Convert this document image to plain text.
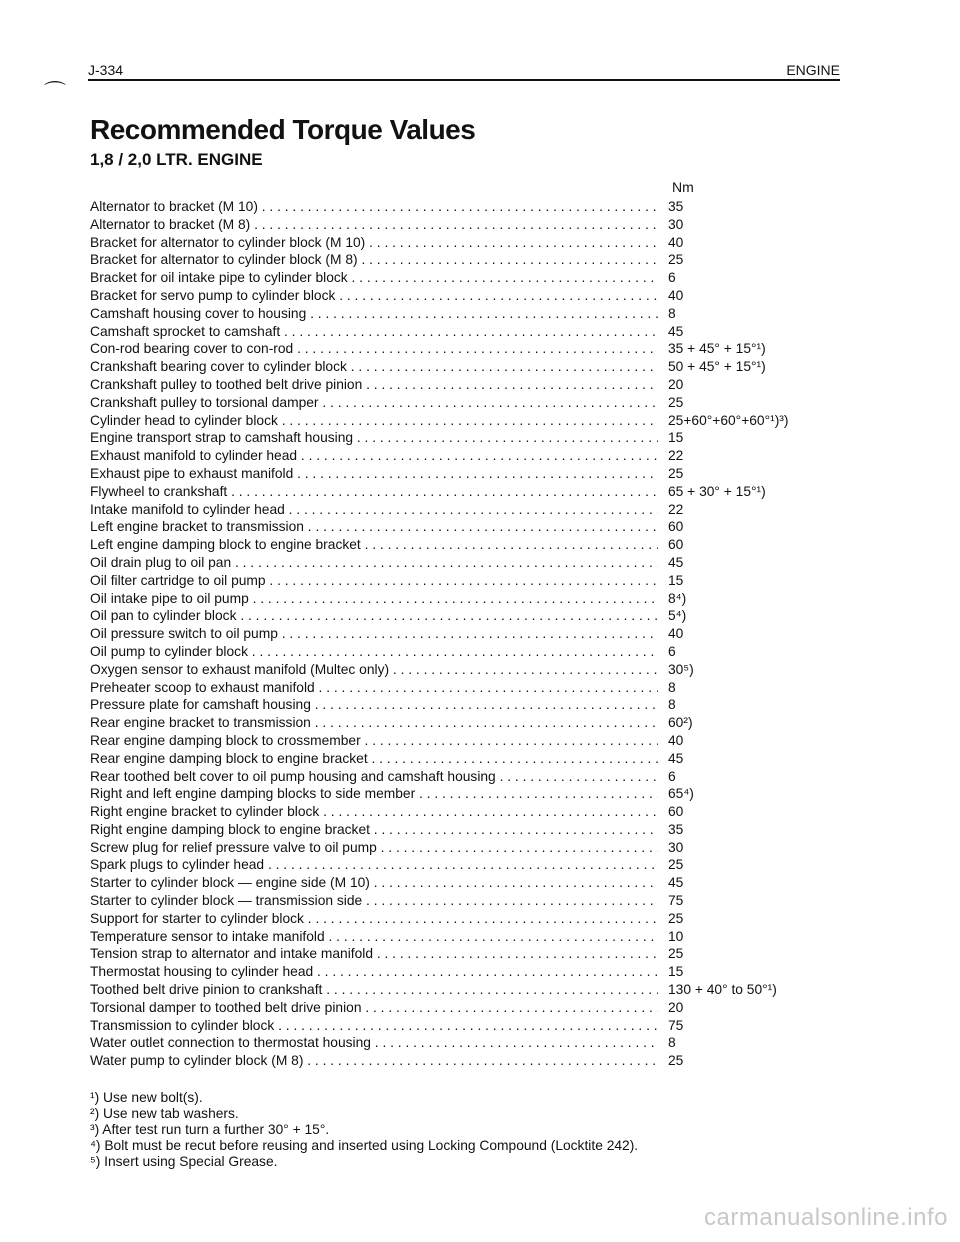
J-334	ENGINE
⌒
Recommended Torque Values
1,8 / 2,0 LTR. ENGINE
Nm
Alternator to bracket (M 10) . . .	35
Alternator to bracket (M 8) . . .	30
Bracket for alternator to cylinder block (M 10) . . .	40
Bracket for alternator to cylinder block (M 8) . . .	25
Bracket for oil intake pipe to cylinder block . . .	6
Bracket for servo pump to cylinder block . . .	40
Camshaft housing cover to housing . . .	8
Camshaft sprocket to camshaft . . .	45
Con-rod bearing cover to con-rod . . .	35 + 45° + 15°¹)
Crankshaft bearing cover to cylinder block . . .	50 + 45° + 15°¹)
Crankshaft pulley to toothed belt drive pinion . . .	20
Crankshaft pulley to torsional damper . . .	25
Cylinder head to cylinder block . . .	25+60°+60°+60°¹)³)
Engine transport strap to camshaft housing . . .	15
Exhaust manifold to cylinder head . . .	22
Exhaust pipe to exhaust manifold . . .	25
Flywheel to crankshaft . . .	65 + 30° + 15°¹)
Intake manifold to cylinder head . . .	22
Left engine bracket to transmission . . .	60
Left engine damping block to engine bracket . . .	60
Oil drain plug to oil pan . . .	45
Oil filter cartridge to oil pump . . .	15
Oil intake pipe to oil pump . . .	8⁴)
Oil pan to cylinder block . . .	5⁴)
Oil pressure switch to oil pump . . .	40
Oil pump to cylinder block . . .	6
Oxygen sensor to exhaust manifold (Multec only) . . .	30⁵)
Preheater scoop to exhaust manifold . . .	8
Pressure plate for camshaft housing . . .	8
Rear engine bracket to transmission . . .	60²)
Rear engine damping block to crossmember . . .	40
Rear engine damping block to engine bracket . . .	45
Rear toothed belt cover to oil pump housing and camshaft housing . . .	6
Right and left engine damping blocks to side member . . .	65⁴)
Right engine bracket to cylinder block . . .	60
Right engine damping block to engine bracket . . .	35
Screw plug for relief pressure valve to oil pump . . .	30
Spark plugs to cylinder head . . .	25
Starter to cylinder block — engine side (M 10) . . .	45
Starter to cylinder block — transmission side . . .	75
Support for starter to cylinder block . . .	25
Temperature sensor to intake manifold . . .	10
Tension strap to alternator and intake manifold . . .	25
Thermostat housing to cylinder head . . .	15
Toothed belt drive pinion to crankshaft . . .	130 + 40° to 50°¹)
Torsional damper to toothed belt drive pinion . . .	20
Transmission to cylinder block . . .	75
Water outlet connection to thermostat housing . . .	8
Water pump to cylinder block (M 8) . . .	25
¹) Use new bolt(s).
²) Use new tab washers.
³) After test run turn a further 30° + 15°.
⁴) Bolt must be recut before reusing and inserted using Locking Compound (Locktite 242).
⁵) Insert using Special Grease.
carmanualsonline.info
